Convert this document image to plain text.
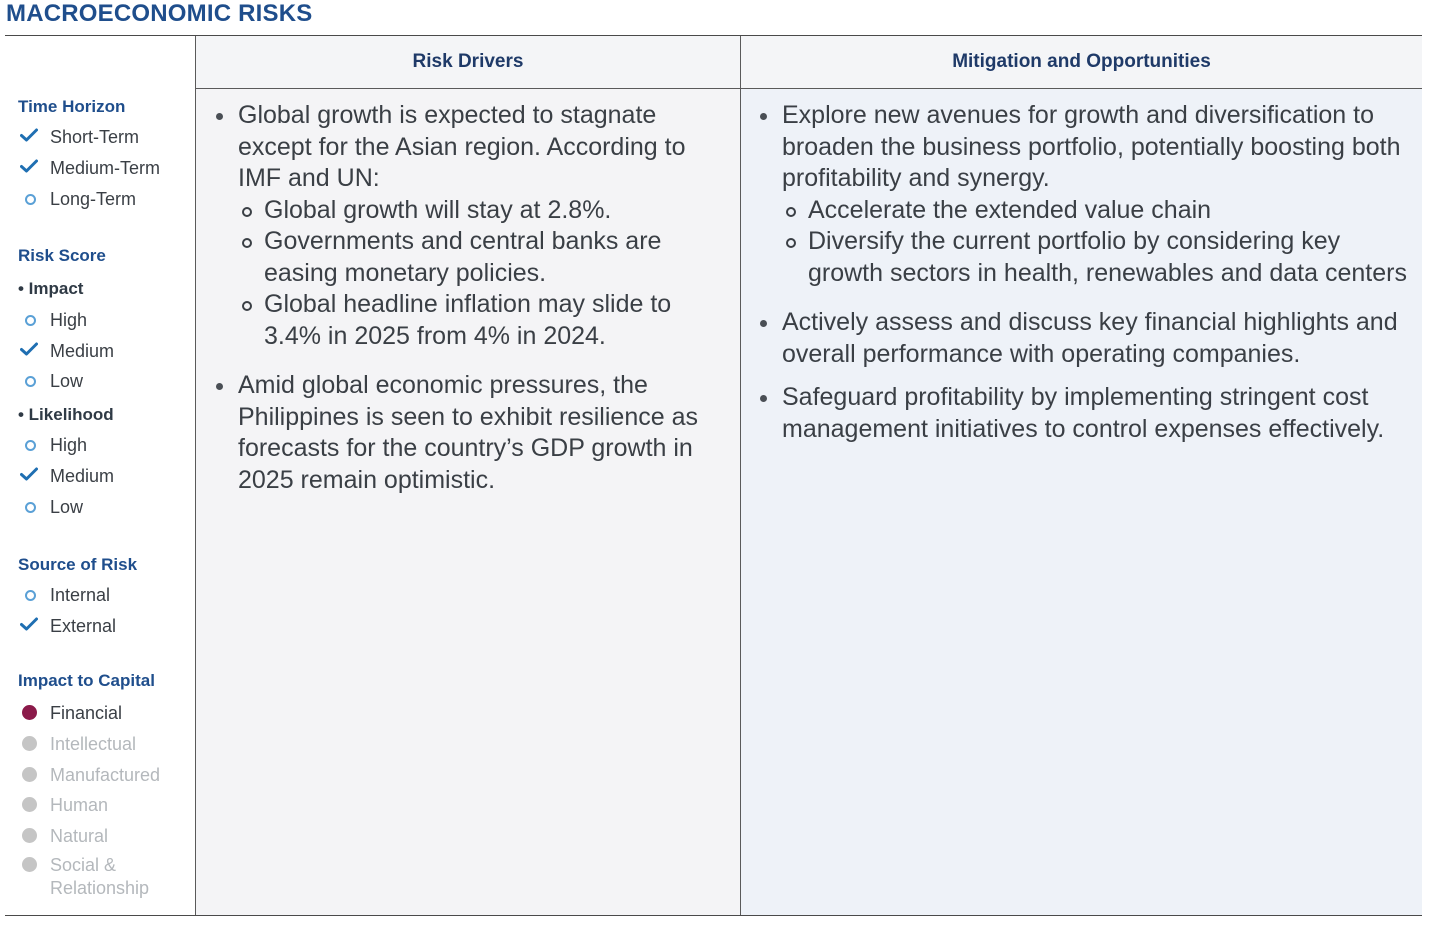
MACROECONOMIC RISKS
Time Horizon
Short-Term
Medium-Term
Long-Term
Risk Score
• Impact
High
Medium
Low
• Likelihood
High
Medium
Low
Source of Risk
Internal
External
Impact to Capital
Financial
Intellectual
Manufactured
Human
Natural
Social &
Relationship
Risk Drivers	Mitigation and Opportunities
Global growth is expected to stagnate except for the Asian region. According to IMF and UN:
Global growth will stay at 2.8%.
Governments and central banks are easing monetary policies.
Global headline inflation may slide to 3.4% in 2025 from 4% in 2024.
Amid global economic pressures, the Philippines is seen to exhibit resilience as forecasts for the country’s GDP growth in 2025 remain optimistic.
Explore new avenues for growth and diversification to broaden the business portfolio, potentially boosting both profitability and synergy.
Accelerate the extended value chain
Diversify the current portfolio by considering key growth sectors in health, renewables and data centers
Actively assess and discuss key financial highlights and overall performance with operating companies.
Safeguard profitability by implementing stringent cost management initiatives to control expenses effectively.
